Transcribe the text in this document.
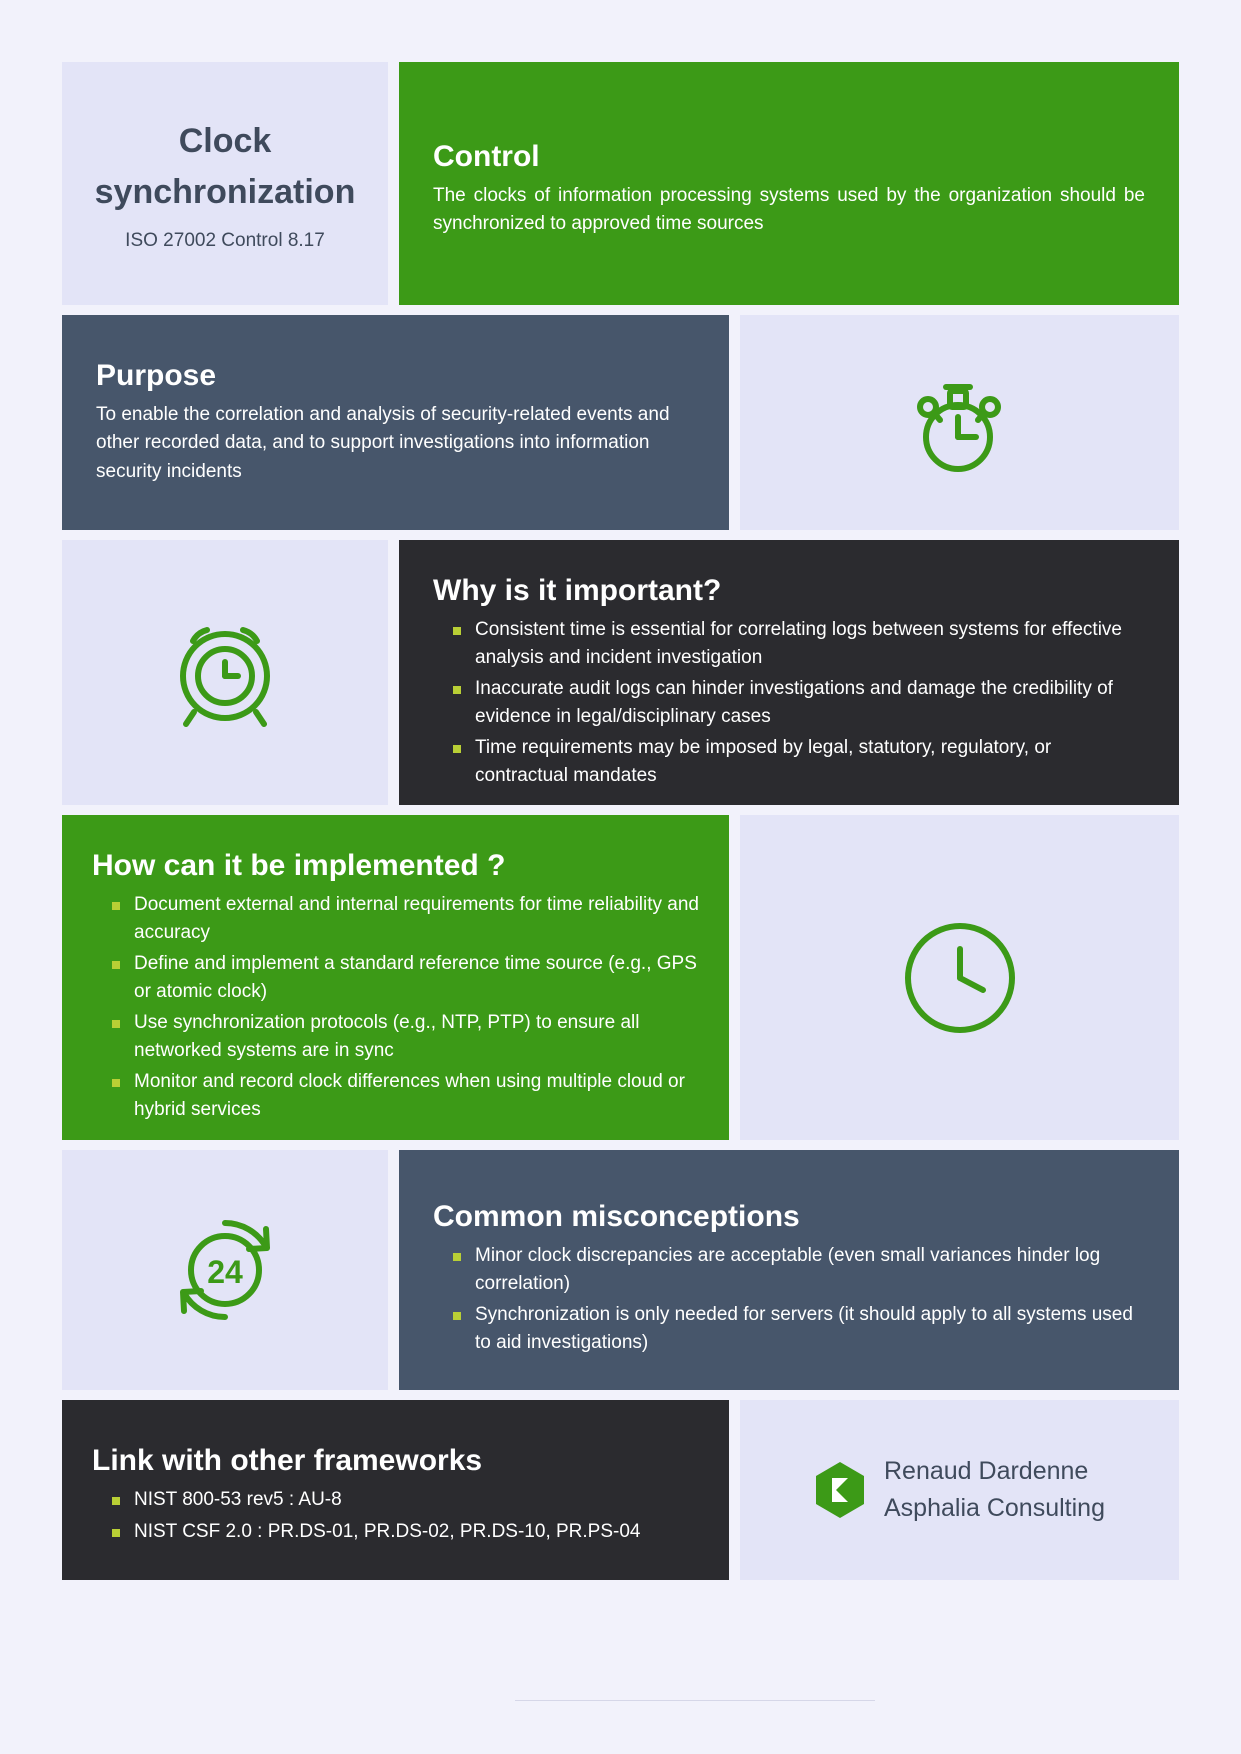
Clock synchronization
ISO 27002 Control 8.17
Control

The clocks of information processing systems used by the organization should be synchronized to approved time sources

Purpose

To enable the correlation and analysis of security-related events and other recorded data, and to support investigations into information security incidents

Why is it important?
Consistent time is essential for correlating logs between systems for effective analysis and incident investigation
Inaccurate audit logs can hinder investigations and damage the credibility of evidence in legal/disciplinary cases
Time requirements may be imposed by legal, statutory, regulatory, or contractual mandates
How can it be implemented ?
Document external and internal requirements for time reliability and accuracy
Define and implement a standard reference time source (e.g., GPS or atomic clock)
Use synchronization protocols (e.g., NTP, PTP) to ensure all networked systems are in sync
Monitor and record clock differences when using multiple cloud or hybrid services
24
Common misconceptions
Minor clock discrepancies are acceptable (even small variances hinder log correlation)
Synchronization is only needed for servers (it should apply to all systems used to aid investigations)
Link with other frameworks
NIST 800-53 rev5 : AU-8
NIST CSF 2.0 : PR.DS-01, PR.DS-02, PR.DS-10, PR.PS-04
Renaud Dardenne
Asphalia Consulting
